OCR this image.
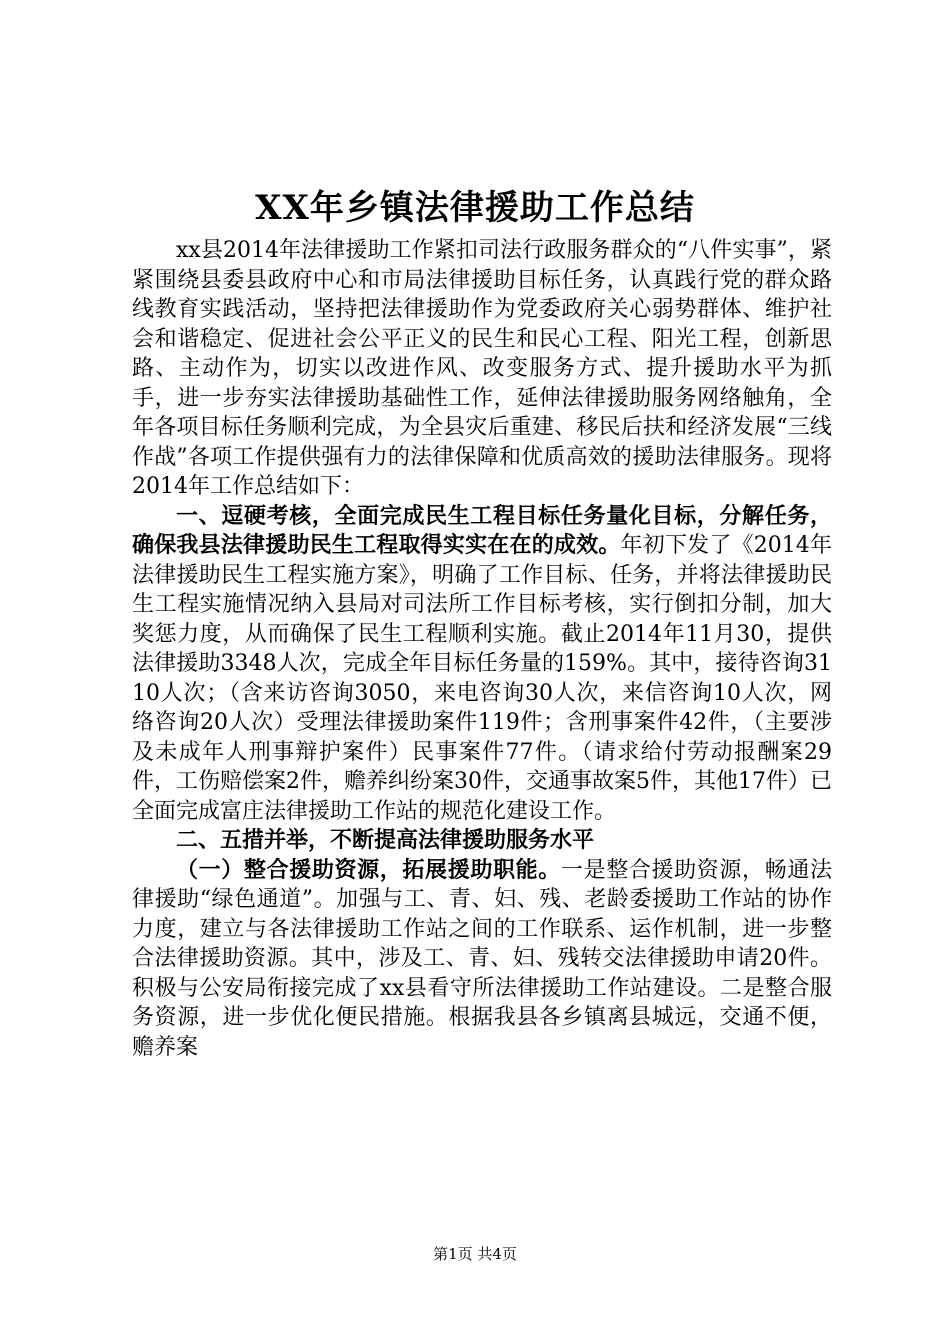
XX年乡镇法律援助工作总结

xx县2014年法律援助工作紧扣司法行政服务群众的“八件实事”，紧紧围绕县委县政府中心和市局法律援助目标任务，认真践行党的群众路线教育实践活动，坚持把法律援助作为党委政府关心弱势群体、维护社会和谐稳定、促进社会公平正义的民生和民心工程、阳光工程，创新思路、主动作为，切实以改进作风、改变服务方式、提升援助水平为抓手，进一步夯实法律援助基础性工作，延伸法律援助服务网络触角，全年各项目标任务顺利完成，为全县灾后重建、移民后扶和经济发展“三线作战”各项工作提供强有力的法律保障和优质高效的援助法律服务。现将2014年工作总结如下：

一、逗硬考核，全面完成民生工程目标任务量化目标，分解任务，确保我县法律援助民生工程取得实实在在的成效。年初下发了《2014年法律援助民生工程实施方案》，明确了工作目标、任务，并将法律援助民生工程实施情况纳入县局对司法所工作目标考核，实行倒扣分制，加大奖惩力度，从而确保了民生工程顺利实施。截止2014年11月30，提供法律援助3348人次，完成全年目标任务量的159%。其中，接待咨询3110人次；（含来访咨询3050，来电咨询30人次，来信咨询10人次，网络咨询20人次）受理法律援助案件119件；含刑事案件42件，（主要涉及未成年人刑事辩护案件）民事案件77件。（请求给付劳动报酬案29件，工伤赔偿案2件，赡养纠纷案30件，交通事故案5件，其他17件）已全面完成富庄法律援助工作站的规范化建设工作。

二、五措并举，不断提高法律援助服务水平

（一）整合援助资源，拓展援助职能。一是整合援助资源，畅通法律援助“绿色通道”。加强与工、青、妇、残、老龄委援助工作站的协作力度，建立与各法律援助工作站之间的工作联系、运作机制，进一步整合法律援助资源。其中，涉及工、青、妇、残转交法律援助申请20件。积极与公安局衔接完成了xx县看守所法律援助工作站建设。二是整合服务资源，进一步优化便民措施。根据我县各乡镇离县城远，交通不便，赡养案

第1页 共4页
